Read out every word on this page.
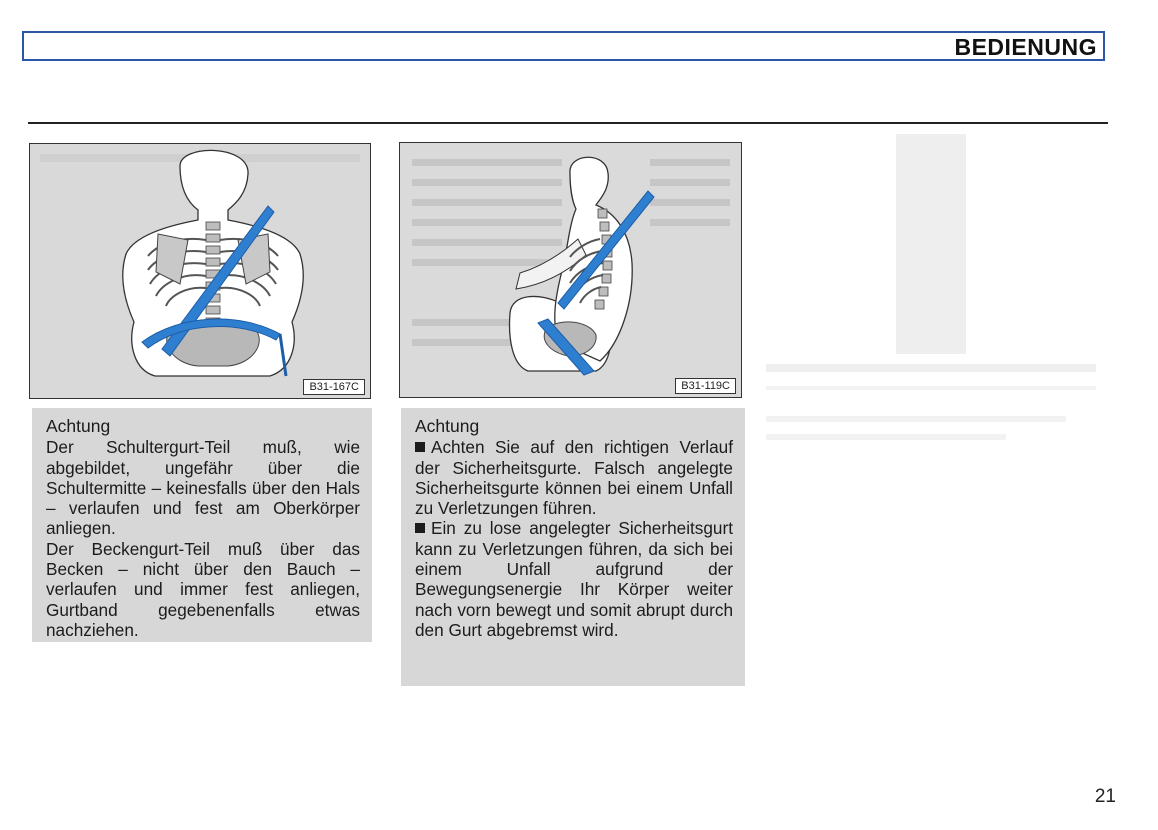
BEDIENUNG
B31-167C	B31-119C
Achtung

Der Schultergurt-Teil muß, wie abgebildet, ungefähr über die Schultermitte – keinesfalls über den Hals – verlaufen und fest am Oberkörper anliegen.

Der Beckengurt-Teil muß über das Becken – nicht über den Bauch – verlaufen und immer fest anliegen, Gurtband gegebenenfalls etwas nachziehen.

Achtung

Achten Sie auf den richtigen Verlauf der Sicherheitsgurte. Falsch angelegte Sicherheitsgurte können bei einem Unfall zu Verletzungen führen.

Ein zu lose angelegter Sicherheitsgurt kann zu Verletzungen führen, da sich bei einem Unfall aufgrund der Bewegungsenergie Ihr Körper weiter nach vorn bewegt und somit abrupt durch den Gurt abgebremst wird.

21
